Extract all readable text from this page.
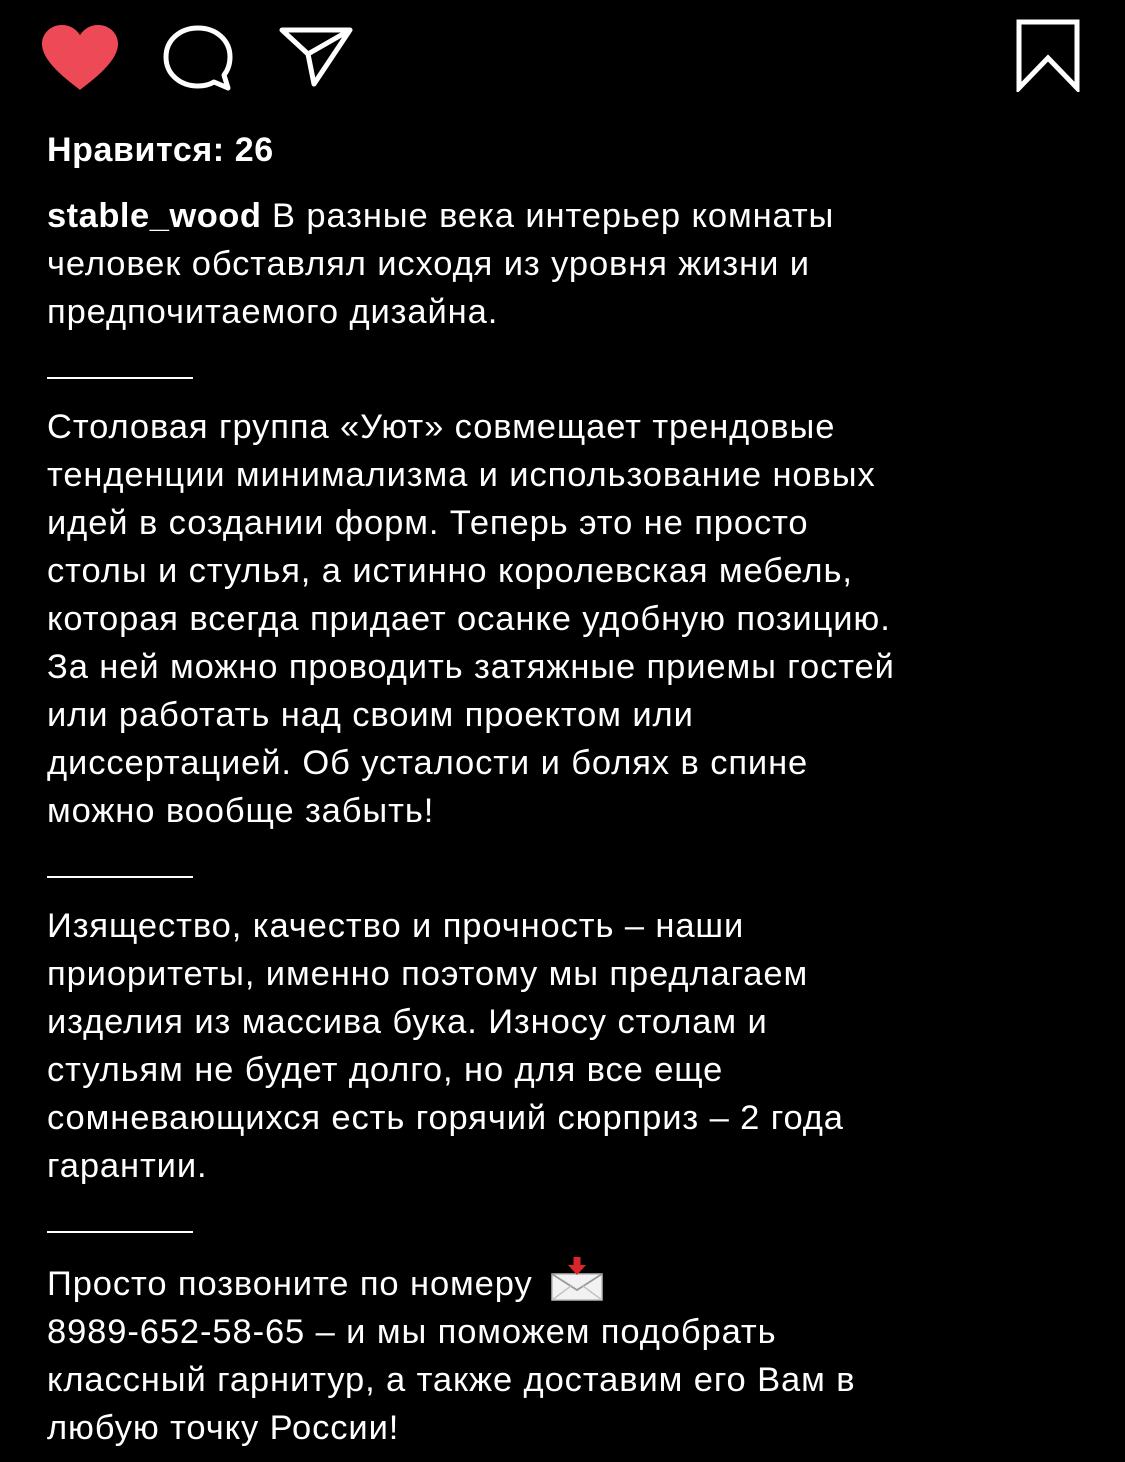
Нравится: 26

stable_wood В разные века интерьер комнаты
человек обставлял исходя из уровня жизни и
предпочитаемого дизайна.

Столовая группа «Уют» совмещает трендовые
тенденции минимализма и использование новых
идей в создании форм. Теперь это не просто
столы и стулья, а истинно королевская мебель,
которая всегда придает осанке удобную позицию.
За ней можно проводить затяжные приемы гостей
или работать над своим проектом или
диссертацией. Об усталости и болях в спине
можно вообще забыть!

Изящество, качество и прочность – наши
приоритеты, именно поэтому мы предлагаем
изделия из массива бука. Износу столам и
стульям не будет долго, но для все еще
сомневающихся есть горячий сюрприз – 2 года
гарантии.

Просто позвоните по номеру
8989-652-58-65 – и мы поможем подобрать
классный гарнитур, а также доставим его Вам в
любую точку России!
